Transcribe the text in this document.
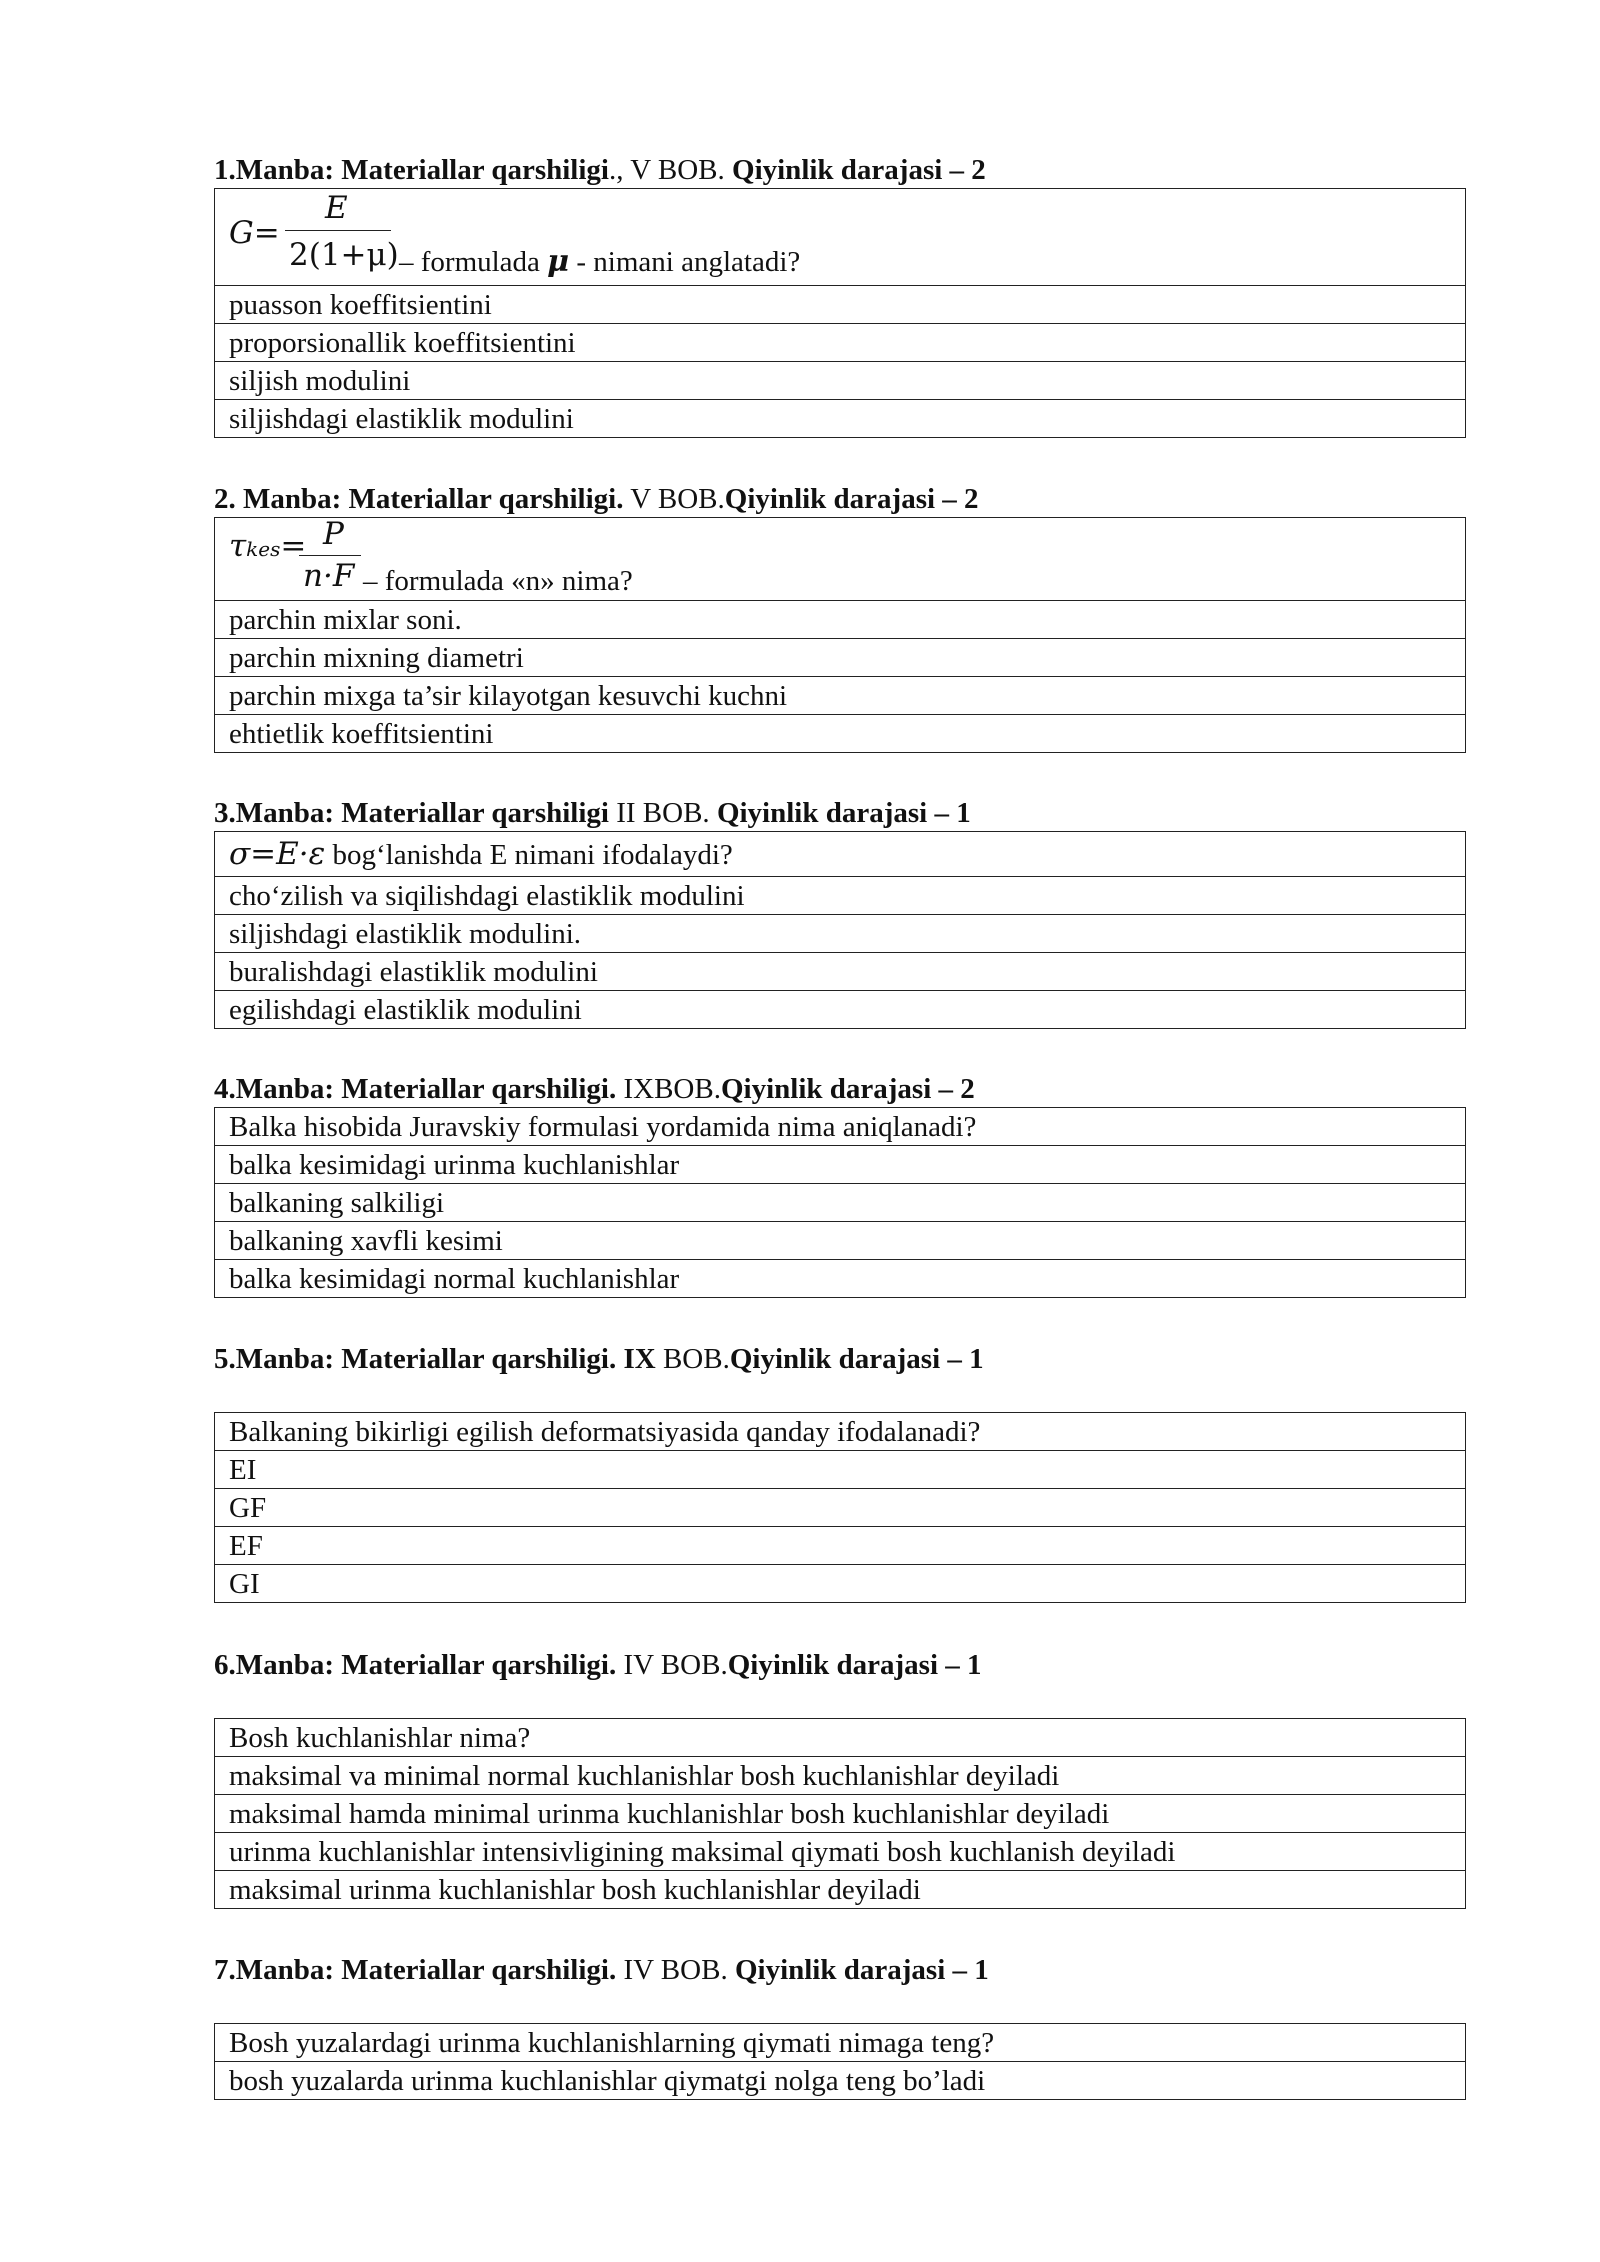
1.Manba: Materiallar qarshiligi., V BOB. Qiyinlik darajasi – 2
G=
E
2(1+μ) – formulada μ - nimani anglatadi?

puasson koeffitsientini
proporsionallik koeffitsientini
siljish modulini
siljishdagi elastiklik modulini
2. Manba: Materiallar qarshiligi. V BOB.Qiyinlik darajasi – 2
τkes= P
n·F – formulada «n» nima?

parchin mixlar soni.
parchin mixning diametri
parchin mixga ta’sir kilayotgan kesuvchi kuchni
ehtietlik koeffitsientini
3.Manba: Materiallar qarshiligi II BOB. Qiyinlik darajasi – 1
σ=E·ε bog‘lanishda E nimani ifodalaydi?
cho‘zilish va siqilishdagi elastiklik modulini
siljishdagi elastiklik modulini.
buralishdagi elastiklik modulini
egilishdagi elastiklik modulini
4.Manba: Materiallar qarshiligi. IXBOB.Qiyinlik darajasi – 2
Balka hisobida Juravskiy formulasi yordamida nima aniqlanadi?
balka kesimidagi urinma kuchlanishlar
balkaning salkiligi
balkaning xavfli kesimi
balka kesimidagi normal kuchlanishlar
5.Manba: Materiallar qarshiligi. IX BOB.Qiyinlik darajasi – 1
Balkaning bikirligi egilish deformatsiyasida qanday ifodalanadi?
EI
GF
EF
GI
6.Manba: Materiallar qarshiligi. IV BOB.Qiyinlik darajasi – 1
Bosh kuchlanishlar nima?
maksimal va minimal normal kuchlanishlar bosh kuchlanishlar deyiladi
maksimal hamda minimal urinma kuchlanishlar bosh kuchlanishlar deyiladi
urinma kuchlanishlar intensivligining maksimal qiymati bosh kuchlanish deyiladi
maksimal urinma kuchlanishlar bosh kuchlanishlar deyiladi
7.Manba: Materiallar qarshiligi. IV BOB. Qiyinlik darajasi – 1
Bosh yuzalardagi urinma kuchlanishlarning qiymati nimaga teng?
bosh yuzalarda urinma kuchlanishlar qiymatgi nolga teng bo’ladi
